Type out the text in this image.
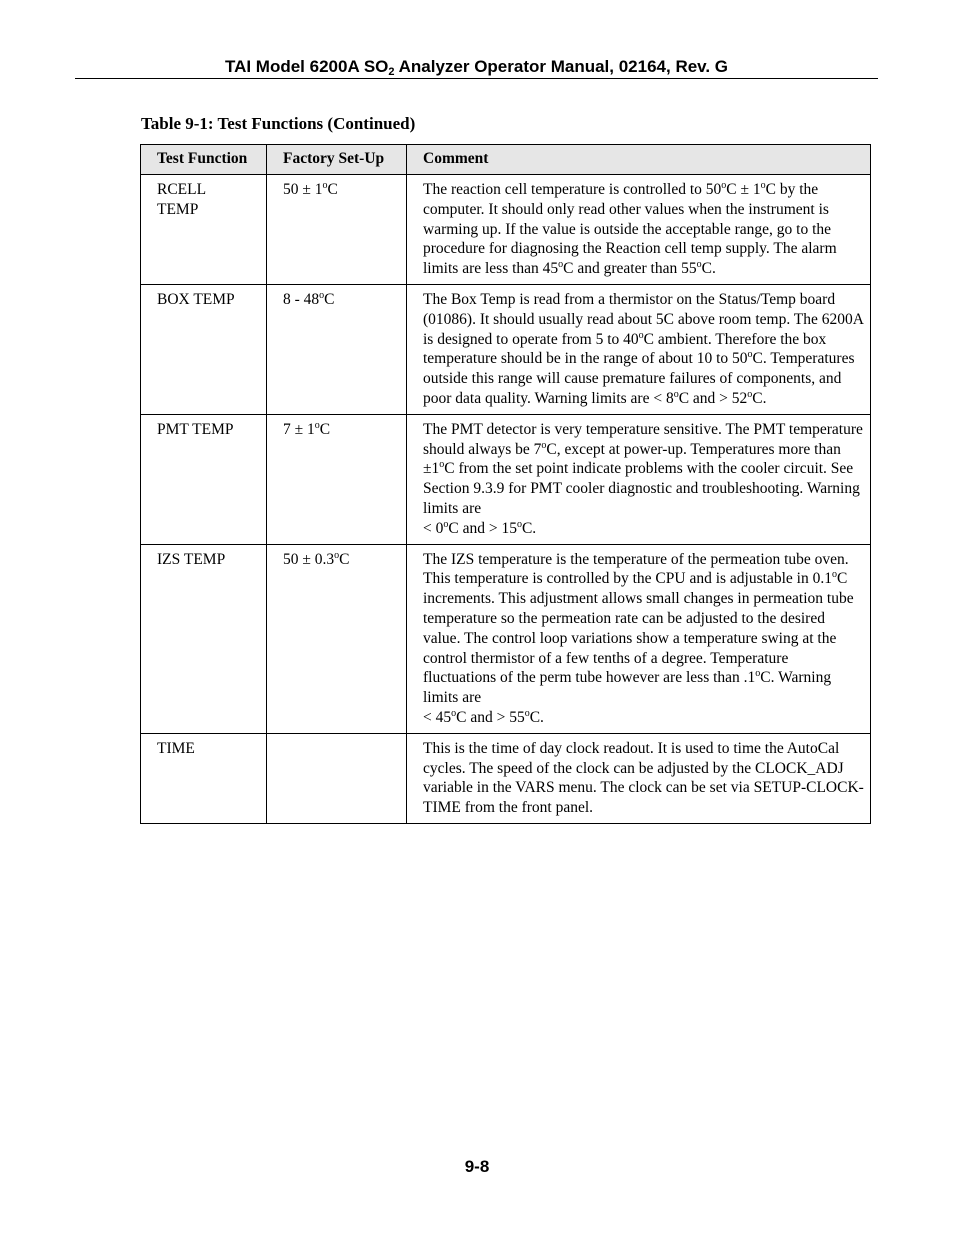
TAI Model 6200A $SO_2$ Analyzer Operator Manual, 02164, Rev. G
Table 9-1: Test Functions (Continued)
Test Function	Factory Set-Up	Comment
RCELL
TEMP	$50 \pm 1^oC$	The reaction cell temperature is controlled to $50^oC \pm 1^oC$ by the computer. It should only read other values when the instrument is warming up. If the value is outside the acceptable range, go to the procedure for diagnosing the Reaction cell temp supply. The alarm limits are less than 45$^o$C and greater than 55$^o$C.
BOX TEMP	8 - 48$^o$C	The Box Temp is read from a thermistor on the Status/Temp board (01086). It should usually read about 5C above room temp. The 6200A is designed to operate from 5 to 40$^o$C ambient. Therefore the box temperature should be in the range of about 10 to 50$^o$C. Temperatures outside this range will cause premature failures of components, and poor data quality. Warning limits are < $8^oC$ and > $52^oC$.
PMT TEMP	$7 \pm 1^oC$	The PMT detector is very temperature sensitive. The PMT temperature should always be 7$^o$C, except at power-up. Temperatures more than $\pm 1^oC$ from the set point indicate problems with the cooler circuit. See Section 9.3.9 for PMT cooler diagnostic and troubleshooting. Warning limits are
< $0^oC$ and > $15^oC$.
IZS TEMP	$50 \pm 0.3^oC$	The IZS temperature is the temperature of the permeation tube oven. This temperature is controlled by the CPU and is adjustable in 0.1$^o$C increments. This adjustment allows small changes in permeation tube temperature so the permeation rate can be adjusted to the desired value. The control loop variations show a temperature swing at the control thermistor of a few tenths of a degree. Temperature fluctuations of the perm tube however are less than .1$^o$C. Warning limits are
< $45^oC$ and > $55^oC$.
TIME		This is the time of day clock readout. It is used to time the AutoCal cycles. The speed of the clock can be adjusted by the CLOCK_ADJ variable in the VARS menu. The clock can be set via SETUP-CLOCK-TIME from the front panel.
9-8
